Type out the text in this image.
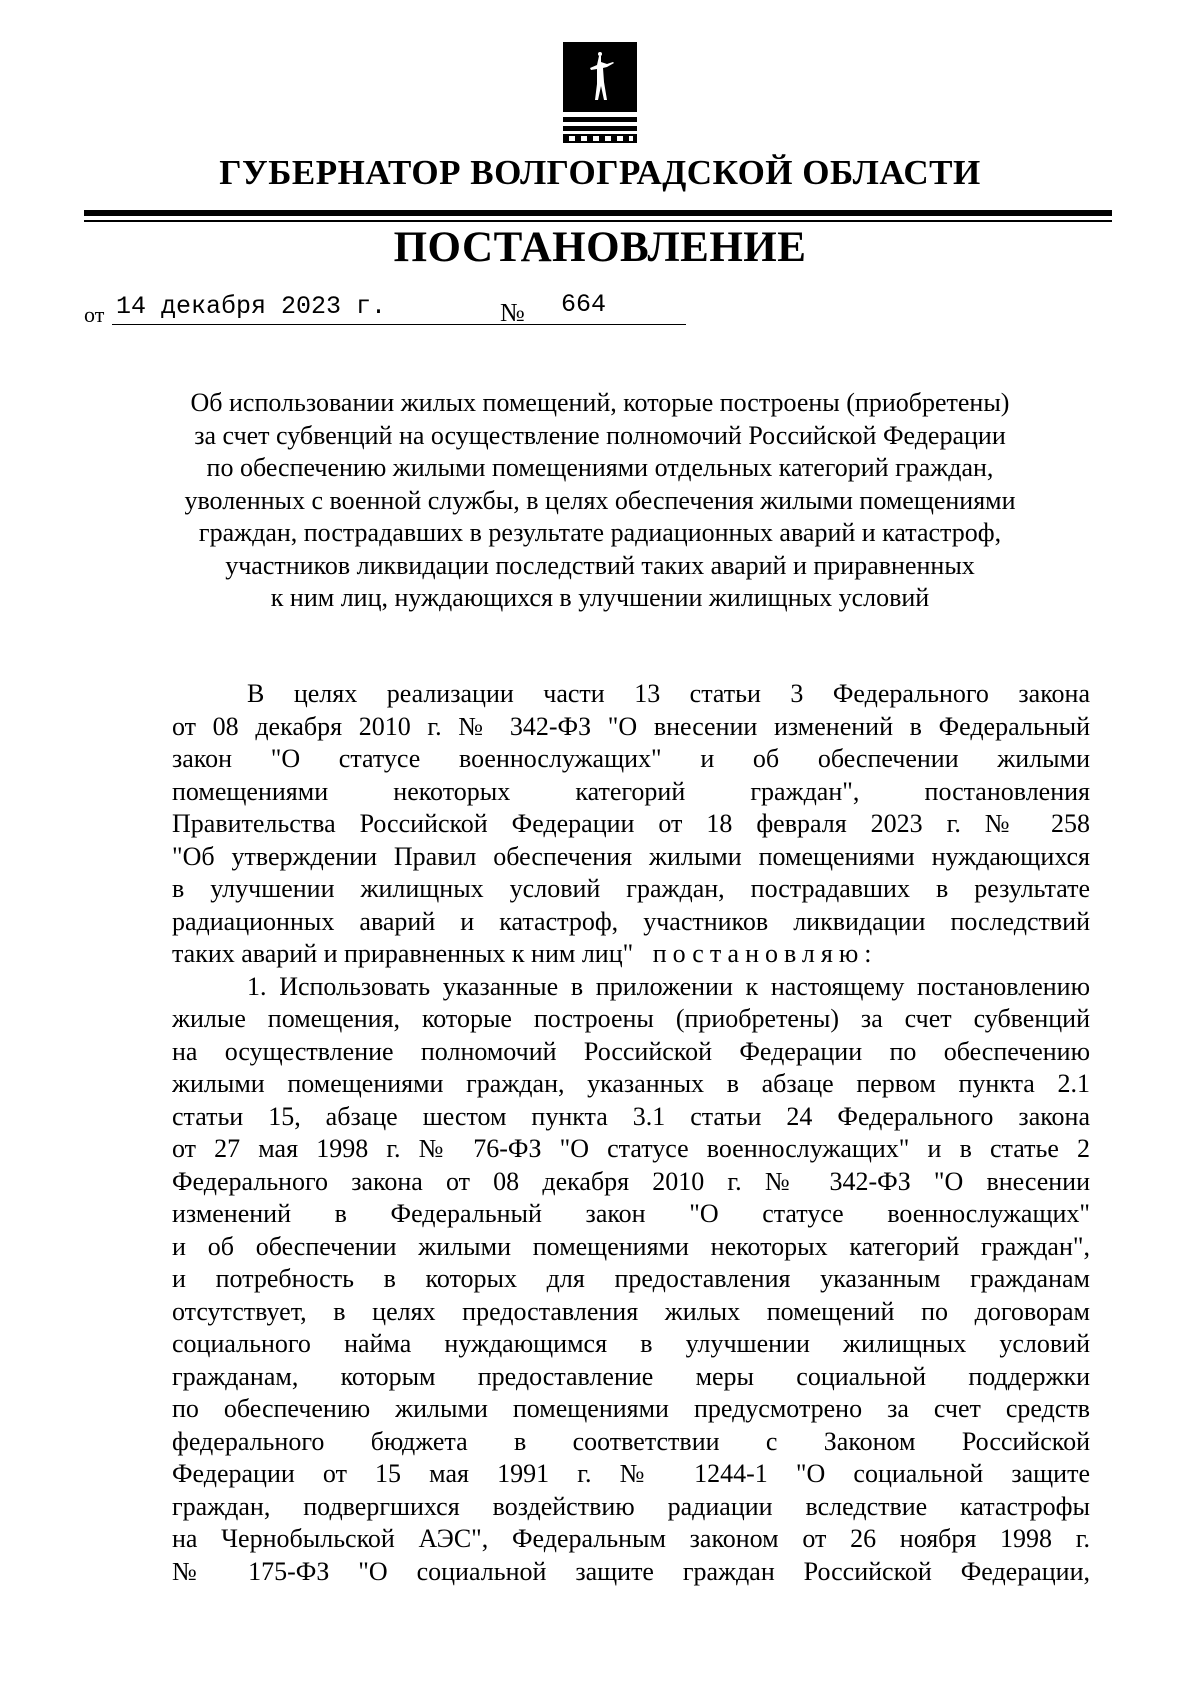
ГУБЕРНАТОР ВОЛГОГРАДСКОЙ ОБЛАСТИ
ПОСТАНОВЛЕНИЕ
от 14 декабря 2023 г.	№ 664
Об использовании жилых помещений, которые построены (приобретены)
за счет субвенций на осуществление полномочий Российской Федерации
по обеспечению жилыми помещениями отдельных категорий граждан,
уволенных с военной службы, в целях обеспечения жилыми помещениями
граждан, пострадавших в результате радиационных аварий и катастроф,
участников ликвидации последствий таких аварий и приравненных
к ним лиц, нуждающихся в улучшении жилищных условий
В целях реализации части 13 статьи 3 Федерального закона
от 08 декабря 2010 г. № 342-ФЗ "О внесении изменений в Федеральный
закон "О статусе военнослужащих" и об обеспечении жилыми
помещениями некоторых категорий граждан", постановления
Правительства Российской Федерации от 18 февраля 2023 г. № 258
"Об утверждении Правил обеспечения жилыми помещениями нуждающихся
в улучшении жилищных условий граждан, пострадавших в результате
радиационных аварий и катастроф, участников ликвидации последствий
таких аварий и приравненных к ним лиц" постановляю:
1. Использовать указанные в приложении к настоящему постановлению
жилые помещения, которые построены (приобретены) за счет субвенций
на осуществление полномочий Российской Федерации по обеспечению
жилыми помещениями граждан, указанных в абзаце первом пункта 2.1
статьи 15, абзаце шестом пункта 3.1 статьи 24 Федерального закона
от 27 мая 1998 г. № 76-ФЗ "О статусе военнослужащих" и в статье 2
Федерального закона от 08 декабря 2010 г. № 342-ФЗ "О внесении
изменений в Федеральный закон "О статусе военнослужащих"
и об обеспечении жилыми помещениями некоторых категорий граждан",
и потребность в которых для предоставления указанным гражданам
отсутствует, в целях предоставления жилых помещений по договорам
социального найма нуждающимся в улучшении жилищных условий
гражданам, которым предоставление меры социальной поддержки
по обеспечению жилыми помещениями предусмотрено за счет средств
федерального бюджета в соответствии с Законом Российской
Федерации от 15 мая 1991 г. № 1244-1 "О социальной защите
граждан, подвергшихся воздействию радиации вследствие катастрофы
на Чернобыльской АЭС", Федеральным законом от 26 ноября 1998 г.
№ 175-ФЗ "О социальной защите граждан Российской Федерации,
